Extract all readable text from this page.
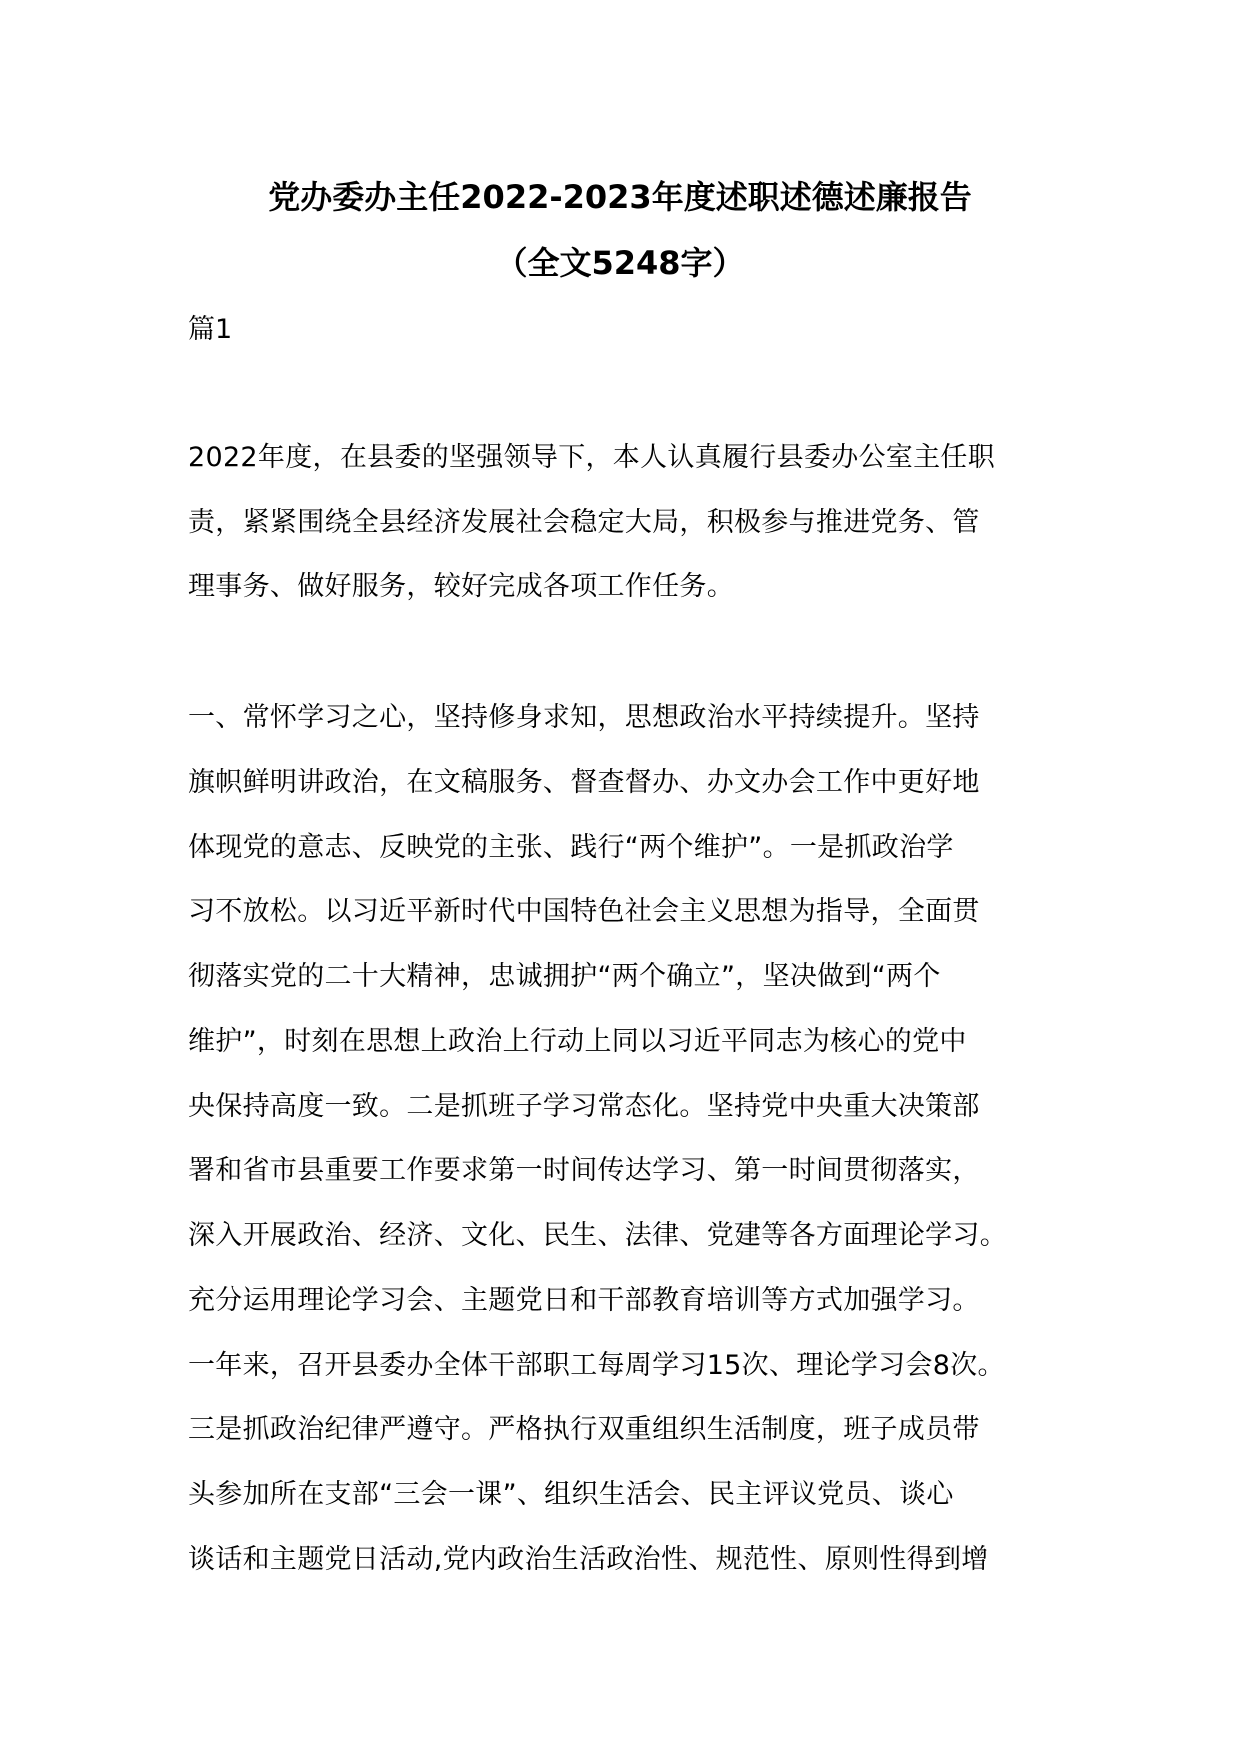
党办委办主任2022-2023年度述职述德述廉报告
（全文5248字）
篇1
2022年度，在县委的坚强领导下，本人认真履行县委办公室主任职
责，紧紧围绕全县经济发展社会稳定大局，积极参与推进党务、管
理事务、做好服务，较好完成各项工作任务。
一、常怀学习之心，坚持修身求知，思想政治水平持续提升。坚持
旗帜鲜明讲政治，在文稿服务、督查督办、办文办会工作中更好地
体现党的意志、反映党的主张、践行“两个维护”。一是抓政治学
习不放松。以习近平新时代中国特色社会主义思想为指导，全面贯
彻落实党的二十大精神，忠诚拥护“两个确立”，坚决做到“两个
维护”，时刻在思想上政治上行动上同以习近平同志为核心的党中
央保持高度一致。二是抓班子学习常态化。坚持党中央重大决策部
署和省市县重要工作要求第一时间传达学习、第一时间贯彻落实，
深入开展政治、经济、文化、民生、法律、党建等各方面理论学习。
充分运用理论学习会、主题党日和干部教育培训等方式加强学习。
一年来，召开县委办全体干部职工每周学习15次、理论学习会8次。
三是抓政治纪律严遵守。严格执行双重组织生活制度，班子成员带
头参加所在支部“三会一课”、组织生活会、民主评议党员、谈心
谈话和主题党日活动,党内政治生活政治性、规范性、原则性得到增
